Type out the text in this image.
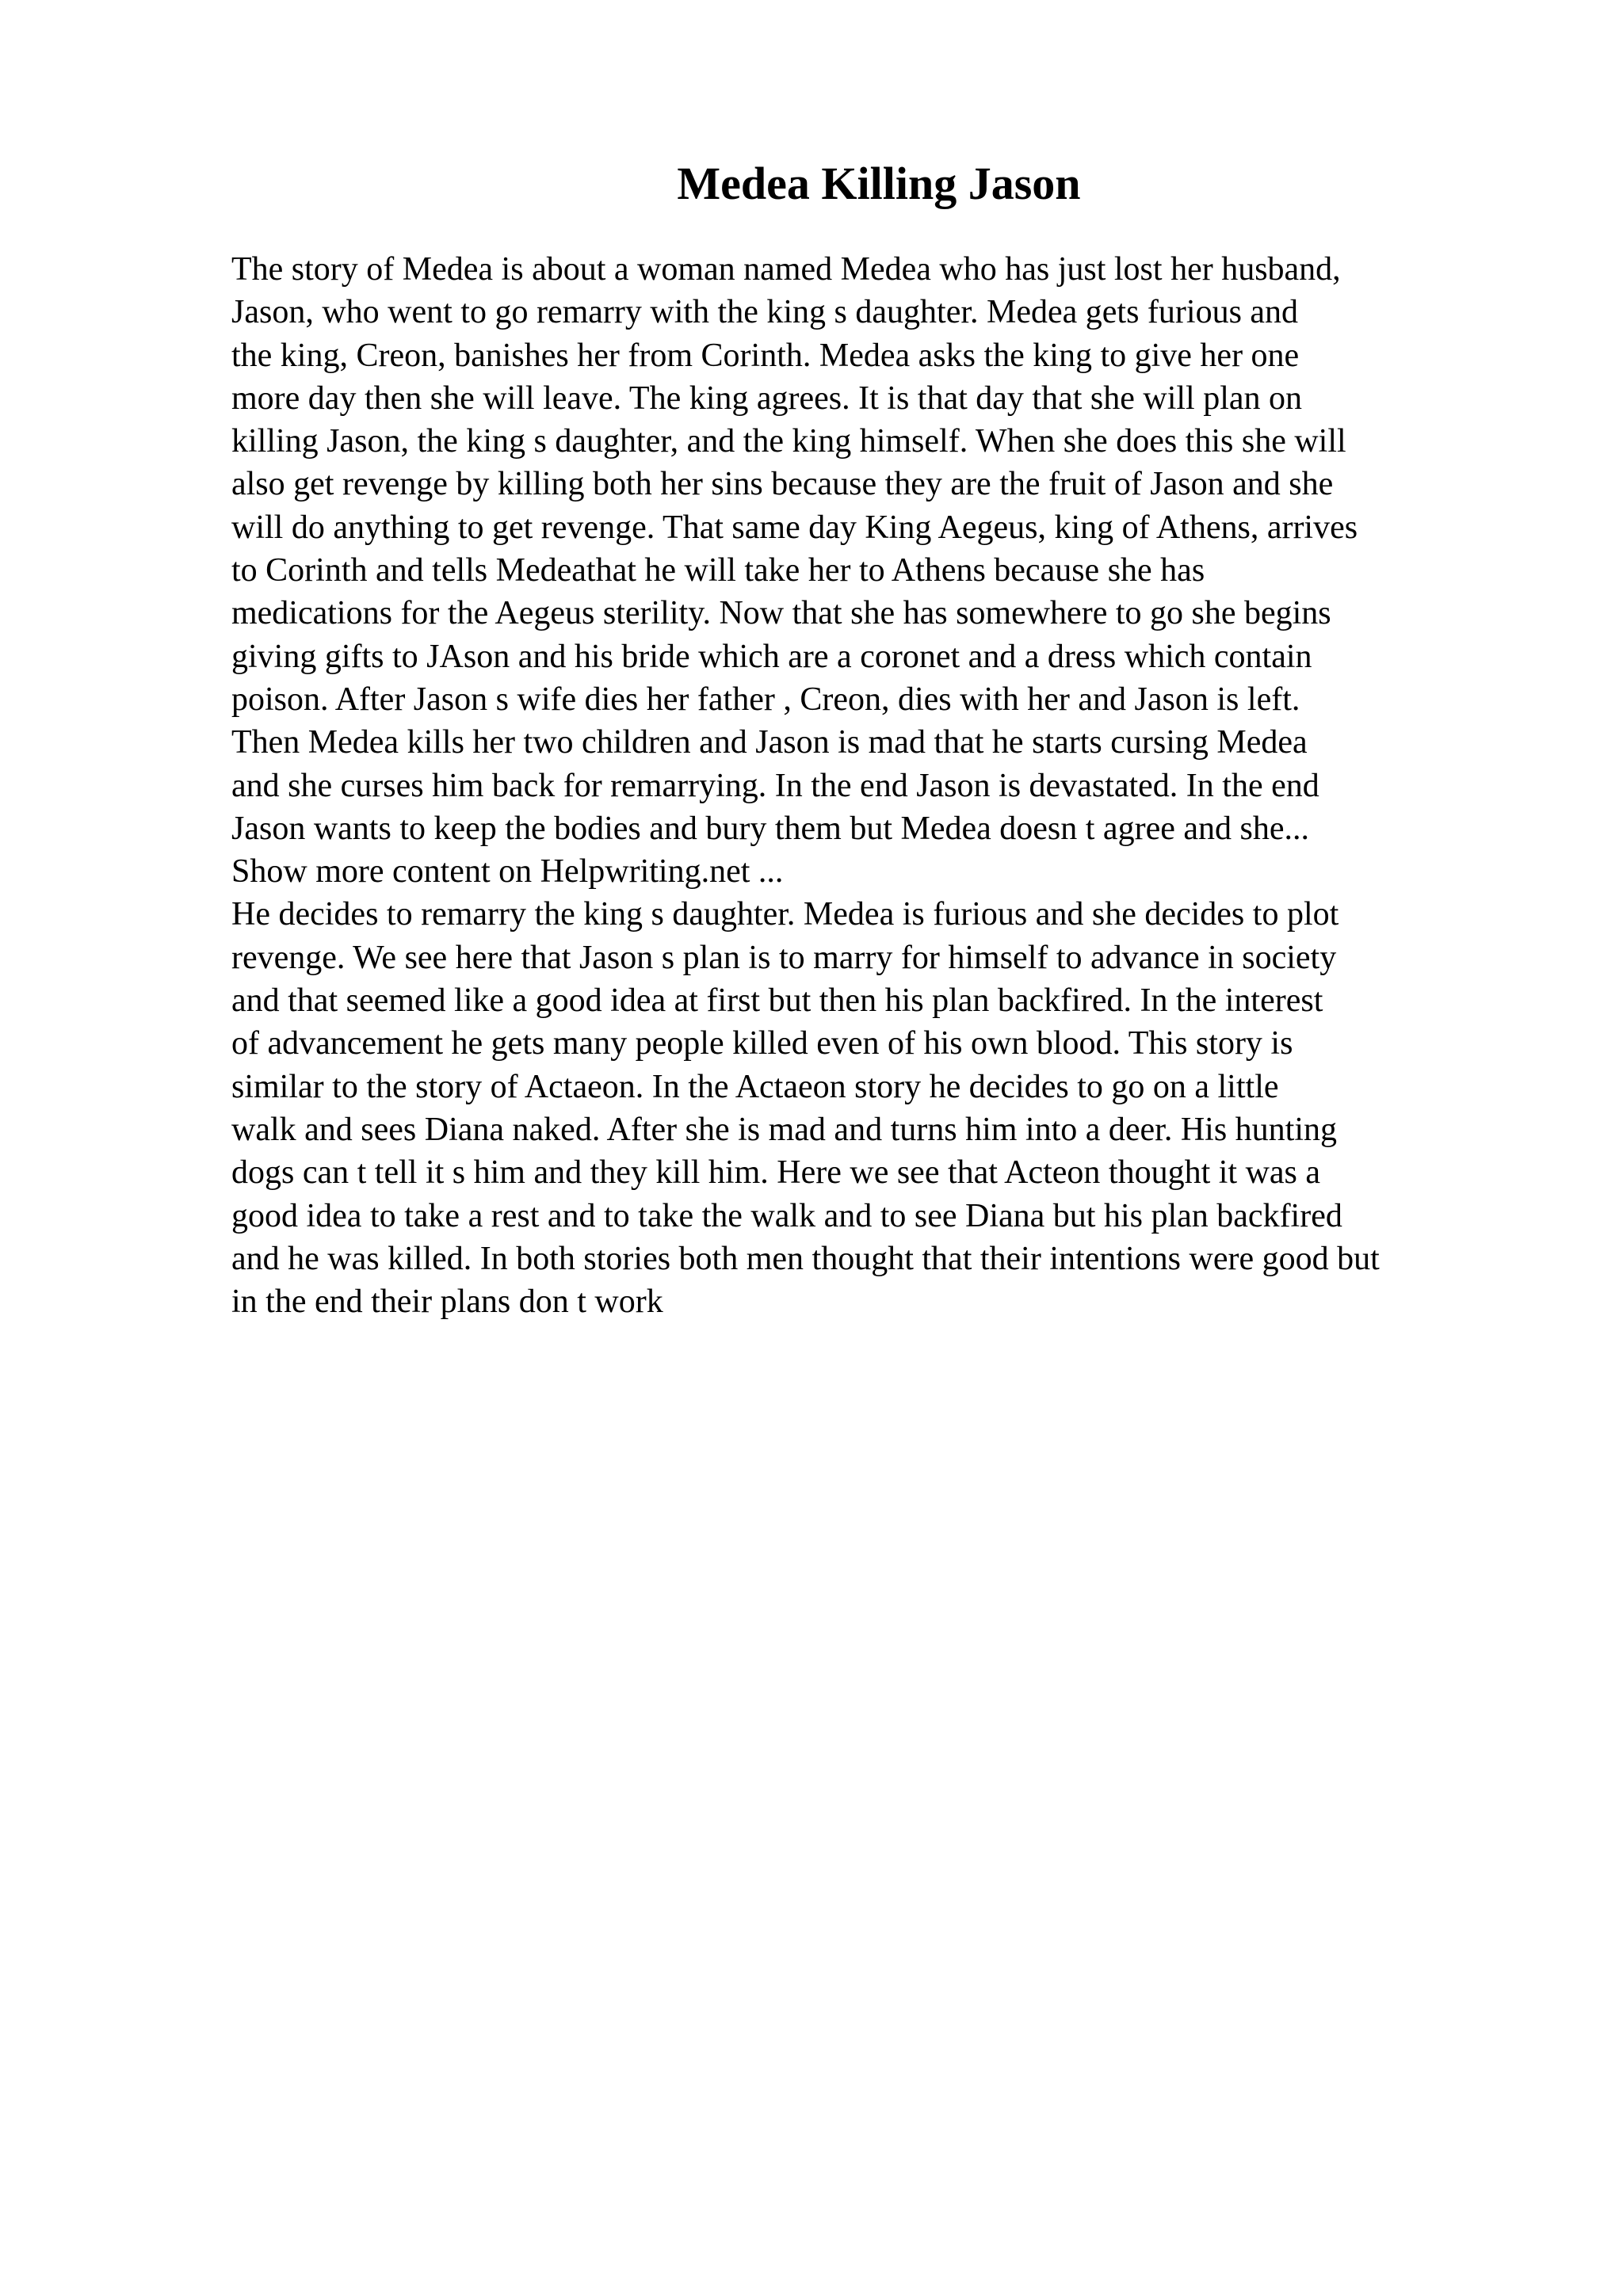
Medea Killing Jason
The story of Medea is about a woman named Medea who has just lost her husband,
Jason, who went to go remarry with the king s daughter. Medea gets furious and
the king, Creon, banishes her from Corinth. Medea asks the king to give her one
more day then she will leave. The king agrees. It is that day that she will plan on
killing Jason, the king s daughter, and the king himself. When she does this she will
also get revenge by killing both her sins because they are the fruit of Jason and she
will do anything to get revenge. That same day King Aegeus, king of Athens, arrives
to Corinth and tells Medeathat he will take her to Athens because she has
medications for the Aegeus sterility. Now that she has somewhere to go she begins
giving gifts to JAson and his bride which are a coronet and a dress which contain
poison. After Jason s wife dies her father , Creon, dies with her and Jason is left.
Then Medea kills her two children and Jason is mad that he starts cursing Medea
and she curses him back for remarrying. In the end Jason is devastated. In the end
Jason wants to keep the bodies and bury them but Medea doesn t agree and she...
Show more content on Helpwriting.net ...
He decides to remarry the king s daughter. Medea is furious and she decides to plot
revenge. We see here that Jason s plan is to marry for himself to advance in society
and that seemed like a good idea at first but then his plan backfired. In the interest
of advancement he gets many people killed even of his own blood. This story is
similar to the story of Actaeon. In the Actaeon story he decides to go on a little
walk and sees Diana naked. After she is mad and turns him into a deer. His hunting
dogs can t tell it s him and they kill him. Here we see that Acteon thought it was a
good idea to take a rest and to take the walk and to see Diana but his plan backfired
and he was killed. In both stories both men thought that their intentions were good but
in the end their plans don t work
